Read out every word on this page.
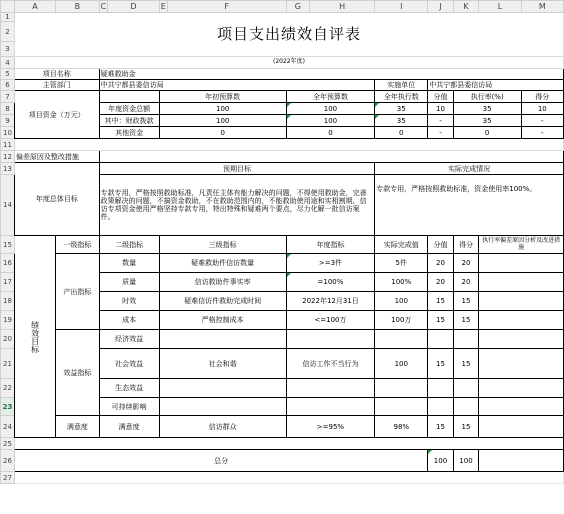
	A	B	C	D	E	F	G	H	I	J	K	L	M
1	项目支出绩效自评表												
2													
3													
4	(2022年度)												
5	项目名称		疑难救助金										
6	主管部门		中共宁都县委信访局						实施单位	中共宁都县委信访局			
7	项目资金（万元）				年初预算数		全年预算数		全年执行数	分值	执行率(%)		得分
8			年度资金总额		100		100		35	10	35		10
9			其中：财政拨款		100		100		35	-	35		-
10			其他资金		0		0		0	-	0		-
11													
12	偏差原因及整改措施												
13	年度总体目标		预期目标						实际完成情况				
14			专款专用，严格按照救助标准，凡责任主体有能力解决的问题，不得使用救助金，完善政策解决的问题，不搞资金救助，不在救助范围内的，不能救助使用途和实相割期，信访专项资金使用严格坚持专款专用，特出特殊和疑难两个要点，尽力化解一批信访案件。						专款专用，严格按照救助标准，资金使用率100%。				
15	绩效目标	一级指标	二级指标		三级指标		年度指标		实际完成值	分值	得分	执行率偏差原因分析及改进措施	
16		产出指标	数量		疑难救助件信访数量		>=3件		5件	20	20		
17			质量		信访救助件事实率		=100%		100%	20	20		
18			时效		疑难信访件救助完成时间		2022年12月31日		100	15	15		
19			成本		严格控制成本		<=100万		100万	15	15		
20		效益指标	经济效益										
21			社会效益		社会和谐		信访工作不当行为		100	15	15		
22			生态效益										
23			可持续影响										
24		满意度	满意度		信访群众		>=95%		98%	15	15		
25													
26	总分									100	100		
27													
